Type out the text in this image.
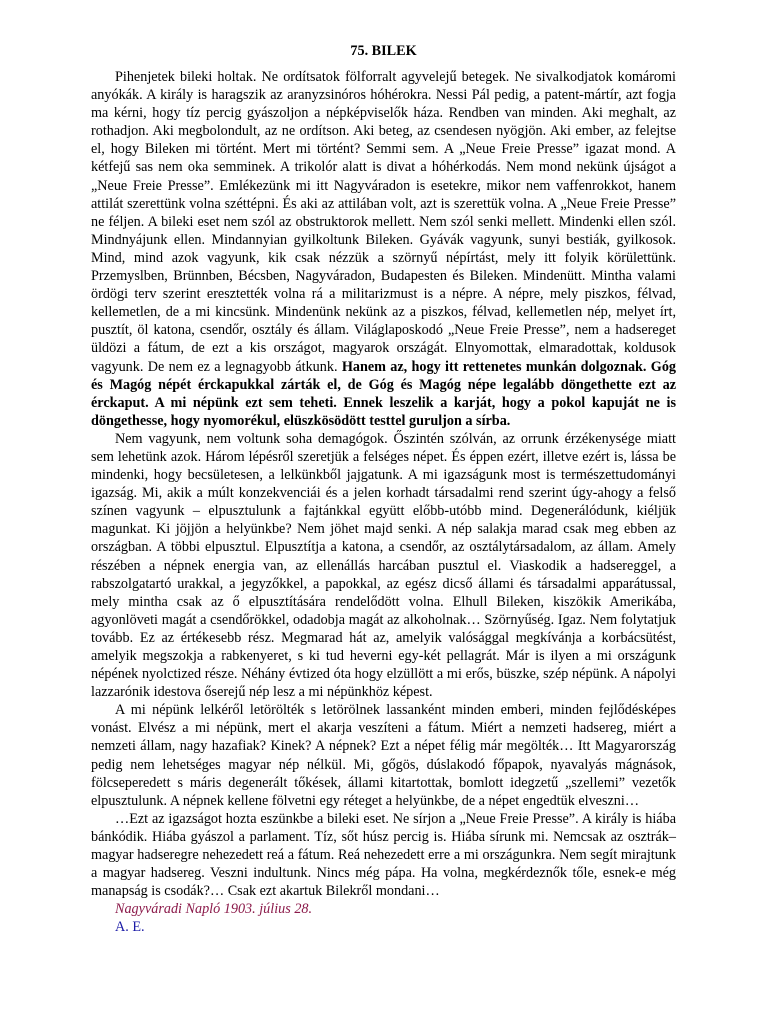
75. BILEK

Pihenjetek bileki holtak. Ne ordítsatok fölforralt agyvelejű betegek. Ne sivalkodjatok komáromi anyókák. A király is haragszik az aranyzsinóros hóhérokra. Nessi Pál pedig, a patent-mártír, azt fogja ma kérni, hogy tíz percig gyászoljon a népképviselők háza. Rendben van minden. Aki meghalt, az rothadjon. Aki megbolondult, az ne ordítson. Aki beteg, az csendesen nyögjön. Aki ember, az felejtse el, hogy Bileken mi történt. Mert mi történt? Semmi sem. A „Neue Freie Presse” igazat mond. A kétfejű sas nem oka semminek. A trikolór alatt is divat a hóhérkodás. Nem mond nekünk újságot a „Neue Freie Presse”. Emlékezünk mi itt Nagyváradon is esetekre, mikor nem vaffenrokkot, hanem attilát szerettünk volna széttépni. És aki az attilában volt, azt is szerettük volna. A „Neue Freie Presse” ne féljen. A bileki eset nem szól az obstruktorok mellett. Nem szól senki mellett. Mindenki ellen szól. Mindnyájunk ellen. Mindannyian gyilkoltunk Bileken. Gyávák vagyunk, sunyi bestiák, gyilkosok. Mind, mind azok vagyunk, kik csak nézzük a szörnyű népírtást, mely itt folyik körülettünk. Przemyslben, Brünnben, Bécsben, Nagyváradon, Budapesten és Bileken. Mindenütt. Mintha valami ördögi terv szerint eresztették volna rá a militarizmust is a népre. A népre, mely piszkos, félvad, kellemetlen, de a mi kincsünk. Mindenünk nekünk az a piszkos, félvad, kellemetlen nép, melyet írt, pusztít, öl katona, csendőr, osztály és állam. Világlaposkodó „Neue Freie Presse”, nem a hadsereget üldözi a fátum, de ezt a kis országot, magyarok országát. Elnyomottak, elmaradottak, koldusok vagyunk. De nem ez a legnagyobb átkunk. Hanem az, hogy itt rettenetes munkán dolgoznak. Góg és Magóg népét érckapukkal zárták el, de Góg és Magóg népe legalább döngethette ezt az érckaput. A mi népünk ezt sem teheti. Ennek leszelik a karját, hogy a pokol kapuját ne is döngethesse, hogy nyomorékul, elüszkösödött testtel guruljon a sírba.

Nem vagyunk, nem voltunk soha demagógok. Őszintén szólván, az orrunk érzékenysége miatt sem lehetünk azok. Három lépésről szeretjük a felséges népet. És éppen ezért, illetve ezért is, lássa be mindenki, hogy becsületesen, a lelkünkből jajgatunk. A mi igazságunk most is természettudományi igazság. Mi, akik a múlt konzekvenciái és a jelen korhadt társadalmi rend szerint úgy-ahogy a felső színen vagyunk – elpusztulunk a fajtánkkal együtt előbb-utóbb mind. Degenerálódunk, kiéljük magunkat. Ki jöjjön a helyünkbe? Nem jöhet majd senki. A nép salakja marad csak meg ebben az országban. A többi elpusztul. Elpusztítja a katona, a csendőr, az osztálytársadalom, az állam. Amely részében a népnek energia van, az ellenállás harcában pusztul el. Viaskodik a hadsereggel, a rabszolgatartó urakkal, a jegyzőkkel, a papokkal, az egész dicső állami és társadalmi apparátussal, mely mintha csak az ő elpusztítására rendelődött volna. Elhull Bileken, kiszökik Amerikába, agyonlöveti magát a csendőrökkel, odadobja magát az alkoholnak… Szörnyűség. Igaz. Nem folytatjuk tovább. Ez az értékesebb rész. Megmarad hát az, amelyik valósággal megkívánja a korbácsütést, amelyik megszokja a rabkenyeret, s ki tud heverni egy-két pellagrát. Már is ilyen a mi országunk népének nyolctized része. Néhány évtized óta hogy elzüllött a mi erős, büszke, szép népünk. A nápolyi lazzarónik idestova őserejű nép lesz a mi népünkhöz képest.

A mi népünk lelkéről letörölték s letörölnek lassanként minden emberi, minden fejlődésképes vonást. Elvész a mi népünk, mert el akarja veszíteni a fátum. Miért a nemzeti hadsereg, miért a nemzeti állam, nagy hazafiak? Kinek? A népnek? Ezt a népet félig már megölték… Itt Magyarország pedig nem lehetséges magyar nép nélkül. Mi, gőgös, dúslakodó főpapok, nyavalyás mágnások, fölcseperedett s máris degenerált tőkések, állami kitartottak, bomlott idegzetű „szellemi” vezetők elpusztulunk. A népnek kellene fölvetni egy réteget a helyünkbe, de a népet engedtük elveszni…

…Ezt az igazságot hozta eszünkbe a bileki eset. Ne sírjon a „Neue Freie Presse”. A király is hiába bánkódik. Hiába gyászol a parlament. Tíz, sőt húsz percig is. Hiába sírunk mi. Nemcsak az osztrák–magyar hadseregre nehezedett reá a fátum. Reá nehezedett erre a mi országunkra. Nem segít mirajtunk a magyar hadsereg. Veszni indultunk. Nincs még pápa. Ha volna, megkérdeznők tőle, esnek-e még manapság is csodák?… Csak ezt akartuk Bilekről mondani…

Nagyváradi Napló 1903. július 28.

A. E.
